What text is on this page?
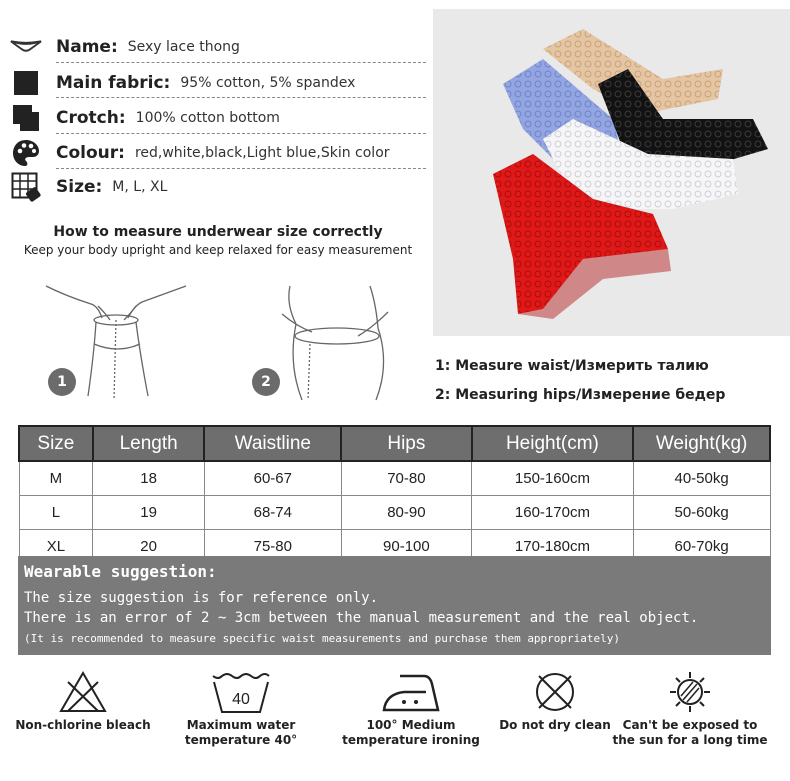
Name: Sexy lace thong
Main fabric: 95% cotton, 5% spandex
Crotch: 100% cotton bottom
Colour: red,white,black,Light blue,Skin color
Size: M, L, XL
How to measure underwear size correctly
Keep your body upright and keep relaxed for easy measurement
1	2
1: Measure waist/Измерить талию
2: Measuring hips/Измерение бедер
Size	Length	Waistline	Hips	Height(cm)	Weight(kg)
M	18	60-67	70-80	150-160cm	40-50kg
L	19	68-74	80-90	160-170cm	50-60kg
XL	20	75-80	90-100	170-180cm	60-70kg
Wearable suggestion:
The size suggestion is for reference only.
There is an error of 2 ~ 3cm between the manual measurement and the real object.
(It is recommended to measure specific waist measurements and purchase them appropriately)
Non-chlorine bleach
40
Maximum water temperature 40°
100° Medium temperature ironing
Do not dry clean Can't be exposed to the sun for a long time
